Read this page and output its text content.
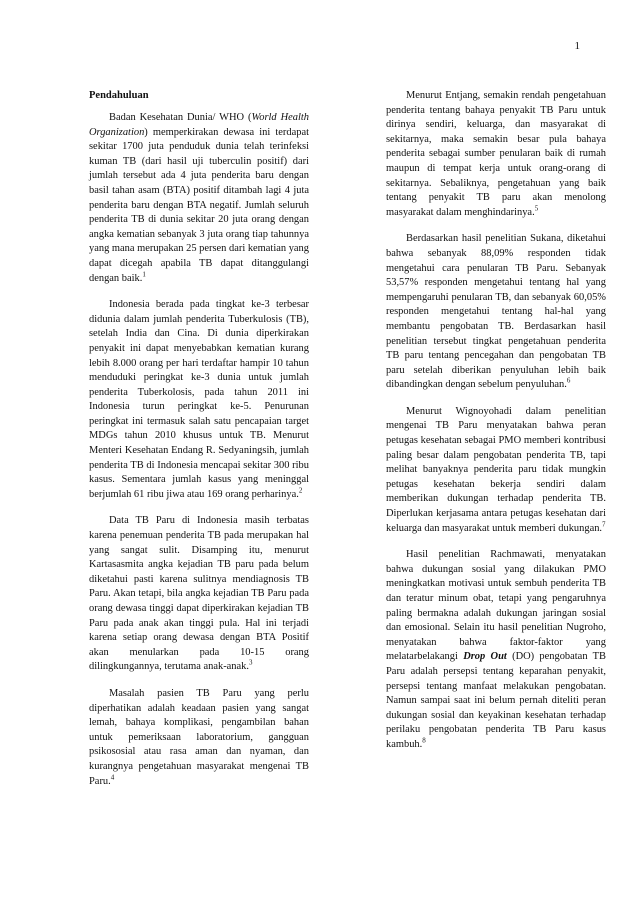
1
Pendahuluan

Badan Kesehatan Dunia/ WHO (World Health Organization) memperkirakan dewasa ini terdapat sekitar 1700 juta penduduk dunia telah terinfeksi kuman TB (dari hasil uji tuberculin positif) dari jumlah tersebut ada 4 juta penderita baru dengan basil tahan asam (BTA) positif ditambah lagi 4 juta penderita baru dengan BTA negatif. Jumlah seluruh penderita TB di dunia sekitar 20 juta orang dengan angka kematian sebanyak 3 juta orang tiap tahunnya yang mana merupakan 25 persen dari kematian yang dapat dicegah apabila TB dapat ditanggulangi dengan baik.$^1$

Indonesia berada pada tingkat ke-3 terbesar didunia dalam jumlah penderita Tuberkulosis (TB), setelah India dan Cina. Di dunia diperkirakan penyakit ini dapat menyebabkan kematian kurang lebih 8.000 orang per hari terdaftar hampir 10 tahun menduduki peringkat ke-3 dunia untuk jumlah penderita Tuberkolosis, pada tahun 2011 ini Indonesia turun peringkat ke-5. Penurunan peringkat ini termasuk salah satu pencapaian target MDGs tahun 2010 khusus untuk TB. Menurut Menteri Kesehatan Endang R. Sedyaningsih, jumlah penderita TB di Indonesia mencapai sekitar 300 ribu kasus. Sementara jumlah kasus yang meninggal berjumlah 61 ribu jiwa atau 169 orang perharinya.$^2$

Data TB Paru di Indonesia masih terbatas karena penemuan penderita TB pada merupakan hal yang sangat sulit. Disamping itu, menurut Kartasasmita angka kejadian TB paru pada belum diketahui pasti karena sulitnya mendiagnosis TB Paru. Akan tetapi, bila angka kejadian TB Paru pada orang dewasa tinggi dapat diperkirakan kejadian TB Paru pada anak akan tinggi pula. Hal ini terjadi karena setiap orang dewasa dengan BTA Positif akan menularkan pada 10-15 orang dilingkungannya, terutama anak-anak.$^3$

Masalah pasien TB Paru yang perlu diperhatikan adalah keadaan pasien yang sangat lemah, bahaya komplikasi, pengambilan bahan untuk pemeriksaan laboratorium, gangguan psikososial atau rasa aman dan nyaman, dan kurangnya pengetahuan masyarakat mengenai TB Paru.$^4$

Menurut Entjang, semakin rendah pengetahuan penderita tentang bahaya penyakit TB Paru untuk dirinya sendiri, keluarga, dan masyarakat di sekitarnya, maka semakin besar pula bahaya penderita sebagai sumber penularan baik di rumah maupun di tempat kerja untuk orang-orang di sekitarnya. Sebaliknya, pengetahuan yang baik tentang penyakit TB paru akan menolong masyarakat dalam menghindarinya.$^5$

Berdasarkan hasil penelitian Sukana, diketahui bahwa sebanyak 88,09% responden tidak mengetahui cara penularan TB Paru. Sebanyak 53,57% responden mengetahui tentang hal yang mempengaruhi penularan TB, dan sebanyak 60,05% responden mengetahui tentang hal-hal yang membantu pengobatan TB. Berdasarkan hasil penelitian tersebut tingkat pengetahuan penderita TB paru tentang pencegahan dan pengobatan TB paru setelah diberikan penyuluhan lebih baik dibandingkan dengan sebelum penyuluhan.$^6$

Menurut Wignoyohadi dalam penelitian mengenai TB Paru menyatakan bahwa peran petugas kesehatan sebagai PMO memberi kontribusi paling besar dalam pengobatan penderita TB, tapi melihat banyaknya penderita paru tidak mungkin petugas kesehatan bekerja sendiri dalam memberikan dukungan terhadap penderita TB. Diperlukan kerjasama antara petugas kesehatan dari keluarga dan masyarakat untuk memberi dukungan.$^7$

Hasil penelitian Rachmawati, menyatakan bahwa dukungan sosial yang dilakukan PMO meningkatkan motivasi untuk sembuh penderita TB dan teratur minum obat, tetapi yang pengaruhnya paling bermakna adalah dukungan jaringan sosial dan emosional. Selain itu hasil penelitian Nugroho, menyatakan bahwa faktor-faktor yang melatarbelakangi Drop Out (DO) pengobatan TB Paru adalah persepsi tentang keparahan penyakit, persepsi tentang manfaat melakukan pengobatan. Namun sampai saat ini belum pernah diteliti peran dukungan sosial dan keyakinan kesehatan terhadap perilaku pengobatan penderita TB Paru kasus kambuh.$^8$
